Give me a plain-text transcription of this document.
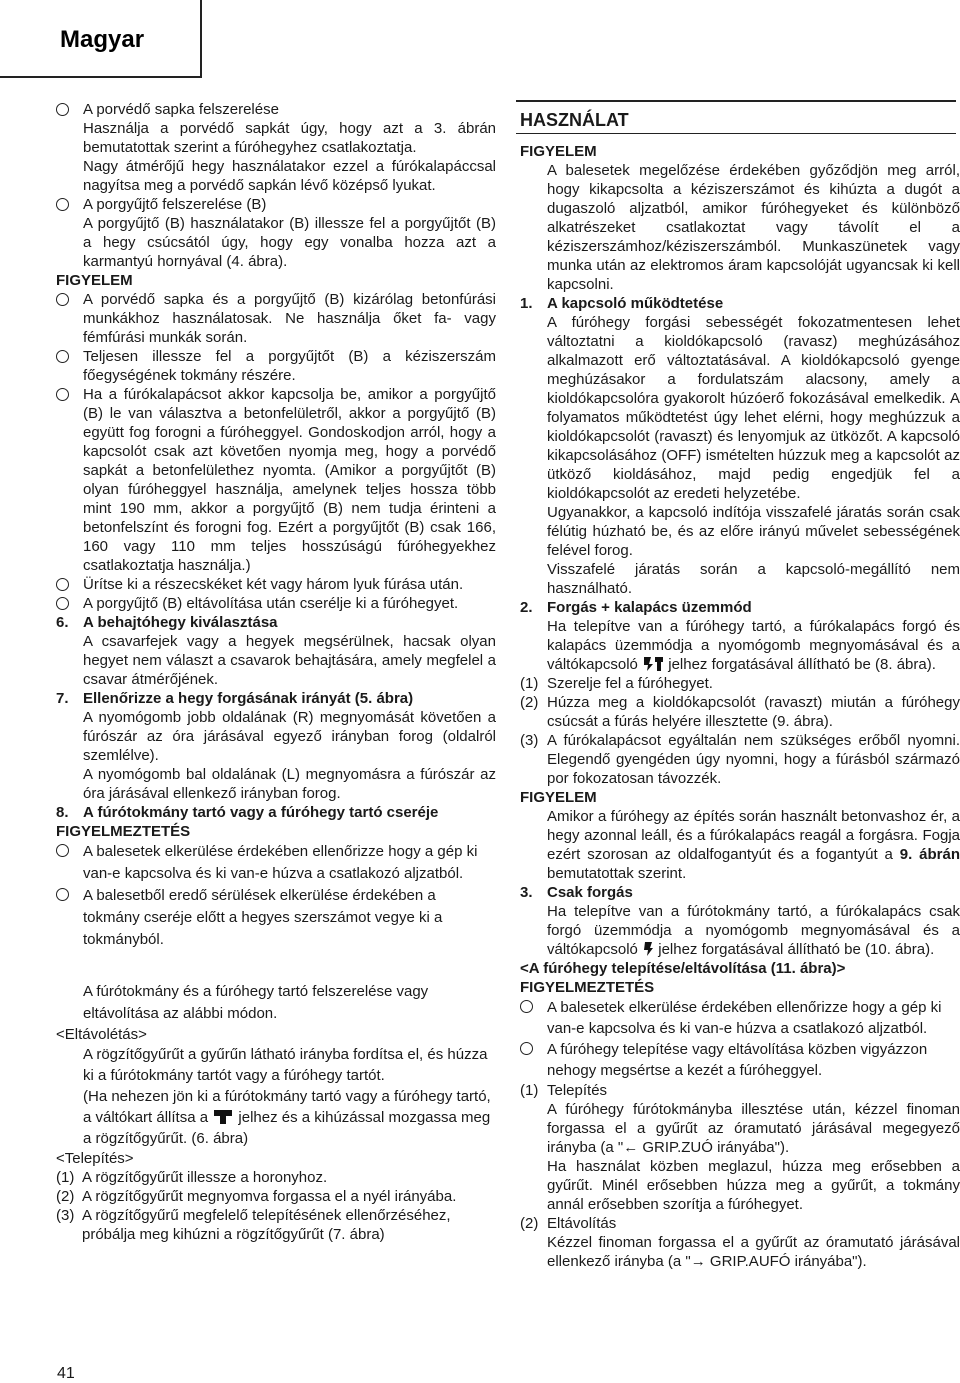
Magyar

A porvédő sapka felszerelése

Használja a porvédő sapkát úgy, hogy azt a 3. ábrán bemutatottak szerint a fúróhegyhez csatlakoztatja.

Nagy átmérőjű hegy használatakor ezzel a fúrókalapáccsal nagyítsa meg a porvédő sapkán lévő középső lyukat.

A porgyűjtő felszerelése (B)

A porgyűjtő (B) használatakor (B) illessze fel a porgyűjtőt (B) a hegy csúcsától úgy, hogy egy vonalba hozza azt a karmantyú hornyával (4. ábra).

FIGYELEM

A porvédő sapka és a porgyűjtő (B) kizárólag betonfúrási munkákhoz használatosak. Ne használja őket fa- vagy fémfúrási munkák során.

Teljesen illessze fel a porgyűjtőt (B) a kéziszerszám főegységének tokmány részére.

Ha a fúrókalapácsot akkor kapcsolja be, amikor a porgyűjtő (B) le van választva a betonfelületről, akkor a porgyűjtő (B) együtt fog forogni a fúróheggyel. Gondoskodjon arról, hogy a kapcsolót csak azt követően nyomja meg, hogy a porvédő sapkát a betonfelülethez nyomta. (Amikor a porgyűjtőt (B) olyan fúróheggyel használja, amelynek teljes hossza több mint 190 mm, akkor a porgyűjtő (B) nem tudja érinteni a betonfelszínt és forogni fog. Ezért a porgyűjtőt (B) csak 166, 160 vagy 110 mm teljes hosszúságú fúróhegyekhez csatlakoztatja használja.)

Ürítse ki a részecskéket két vagy három lyuk fúrása után.

A porgyűjtő (B) eltávolítása után cserélje ki a fúróhegyet.

6. A behajtóhegy kiválasztása

A csavarfejek vagy a hegyek megsérülnek, hacsak olyan hegyet nem választ a csavarok behajtására, amely megfelel a csavar átmérőjének.

7. Ellenőrizze a hegy forgásának irányát (5. ábra)

A nyomógomb jobb oldalának (R) megnyomását követően a fúrószár az óra járásával egyező irányban forog (oldalról szemlélve).

A nyomógomb bal oldalának (L) megnyomásra a fúrószár az óra járásával ellenkező irányban forog.

8. A fúrótokmány tartó vagy a fúróhegy tartó cseréje

FIGYELMEZTETÉS

A balesetek elkerülése érdekében ellenőrizze hogy a gép ki van-e kapcsolva és ki van-e húzva a csatlakozó aljzatból.

A balesetből eredő sérülések elkerülése érdekében a tokmány cseréje előtt a hegyes szerszámot vegye ki a tokmányból.

A fúrótokmány és a fúróhegy tartó felszerelése vagy eltávolítása az alábbi módon.

<Eltávolétás>

A rögzítőgyűrűt a gyűrűn látható irányba fordítsa el, és húzza ki a fúrótokmány tartót vagy a fúróhegy tartót.

(Ha nehezen jön ki a fúrótokmány tartó vagy a fúróhegy tartó, a váltókart állítsa a jelhez és a kihúzással mozgassa meg a rögzítőgyűrűt. (6. ábra)

<Telepítés>

(1) A rögzítőgyűrűt illessze a horonyhoz.

(2) A rögzítőgyűrűt megnyomva forgassa el a nyél irányába.

(3) A rögzítőgyűrű megfelelő telepítésének ellenőrzéséhez, próbálja meg kihúzni a rögzítőgyűrűt (7. ábra)

HASZNÁLAT

FIGYELEM

A balesetek megelőzése érdekében győződjön meg arról, hogy kikapcsolta a kéziszerszámot és kihúzta a dugót a dugaszoló aljzatból, amikor fúróhegyeket és különböző alkatrészeket csatlakoztat vagy távolít el a kéziszerszámhoz/kéziszerszámból. Munkaszünetek vagy munka után az elektromos áram kapcsolóját ugyancsak ki kell kapcsolni.

1. A kapcsoló működtetése

A fúróhegy forgási sebességét fokozatmentesen lehet változtatni a kioldókapcsoló (ravasz) meghúzásához alkalmazott erő változtatásával. A kioldókapcsoló gyenge meghúzásakor a fordulatszám alacsony, amely a kioldókapcsolóra gyakorolt húzóerő fokozásával emelkedik. A folyamatos működtetést úgy lehet elérni, hogy meghúzzuk a kioldókapcsolót (ravaszt) és lenyomjuk az ütközőt. A kapcsoló kikapcsolásához (OFF) ismételten húzzuk meg a kapcsolót az ütköző kioldásához, majd pedig engedjük fel a kioldókapcsolót az eredeti helyzetébe.

Ugyanakkor, a kapcsoló indítója visszafelé járatás során csak félútig húzható be, és az előre irányú művelet sebességének felével forog.

Visszafelé járatás során a kapcsoló-megállító nem használható.

2. Forgás + kalapács üzemmód

Ha telepítve van a fúróhegy tartó, a fúrókalapács forgó és kalapács üzemmódja a nyomógomb megnyomásával és a váltókapcsoló jelhez forgatásával állítható be (8. ábra).

(1) Szerelje fel a fúróhegyet.

(2) Húzza meg a kioldókapcsolót (ravaszt) miután a fúróhegy csúcsát a fúrás helyére illesztette (9. ábra).

(3) A fúrókalapácsot egyáltalán nem szükséges erőből nyomni. Elegendő gyengéden úgy nyomni, hogy a fúrásból származó por fokozatosan távozzék.

FIGYELEM

Amikor a fúróhegy az építés során használt betonvashoz ér, a hegy azonnal leáll, és a fúrókalapács reagál a forgásra. Fogja ezért szorosan az oldalfogantyút és a fogantyút a 9. ábrán bemutatottak szerint.

3. Csak forgás

Ha telepítve van a fúrótokmány tartó, a fúrókalapács csak forgó üzemmódja a nyomógomb megnyomásával és a váltókapcsoló jelhez forgatásával állítható be (10. ábra).

<A fúróhegy telepítése/eltávolítása (11. ábra)>

FIGYELMEZTETÉS

A balesetek elkerülése érdekében ellenőrizze hogy a gép ki van-e kapcsolva és ki van-e húzva a csatlakozó aljzatból.

A fúróhegy telepítése vagy eltávolítása közben vigyázzon nehogy megsértse a kezét a fúróheggyel.

(1) Telepítés

A fúróhegy fúrótokmányba illesztése után, kézzel finoman forgassa el a gyűrűt az óramutató járásával megegyező irányba (a "← GRIP.ZUÓ irányába").

Ha használat közben meglazul, húzza meg erősebben a gyűrűt. Minél erősebben húzza meg a gyűrűt, a tokmány annál erősebben szorítja a fúróhegyet.

(2) Eltávolítás

Kézzel finoman forgassa el a gyűrűt az óramutató járásával ellenkező irányba (a "→ GRIP.AUFÓ irányába").

41
